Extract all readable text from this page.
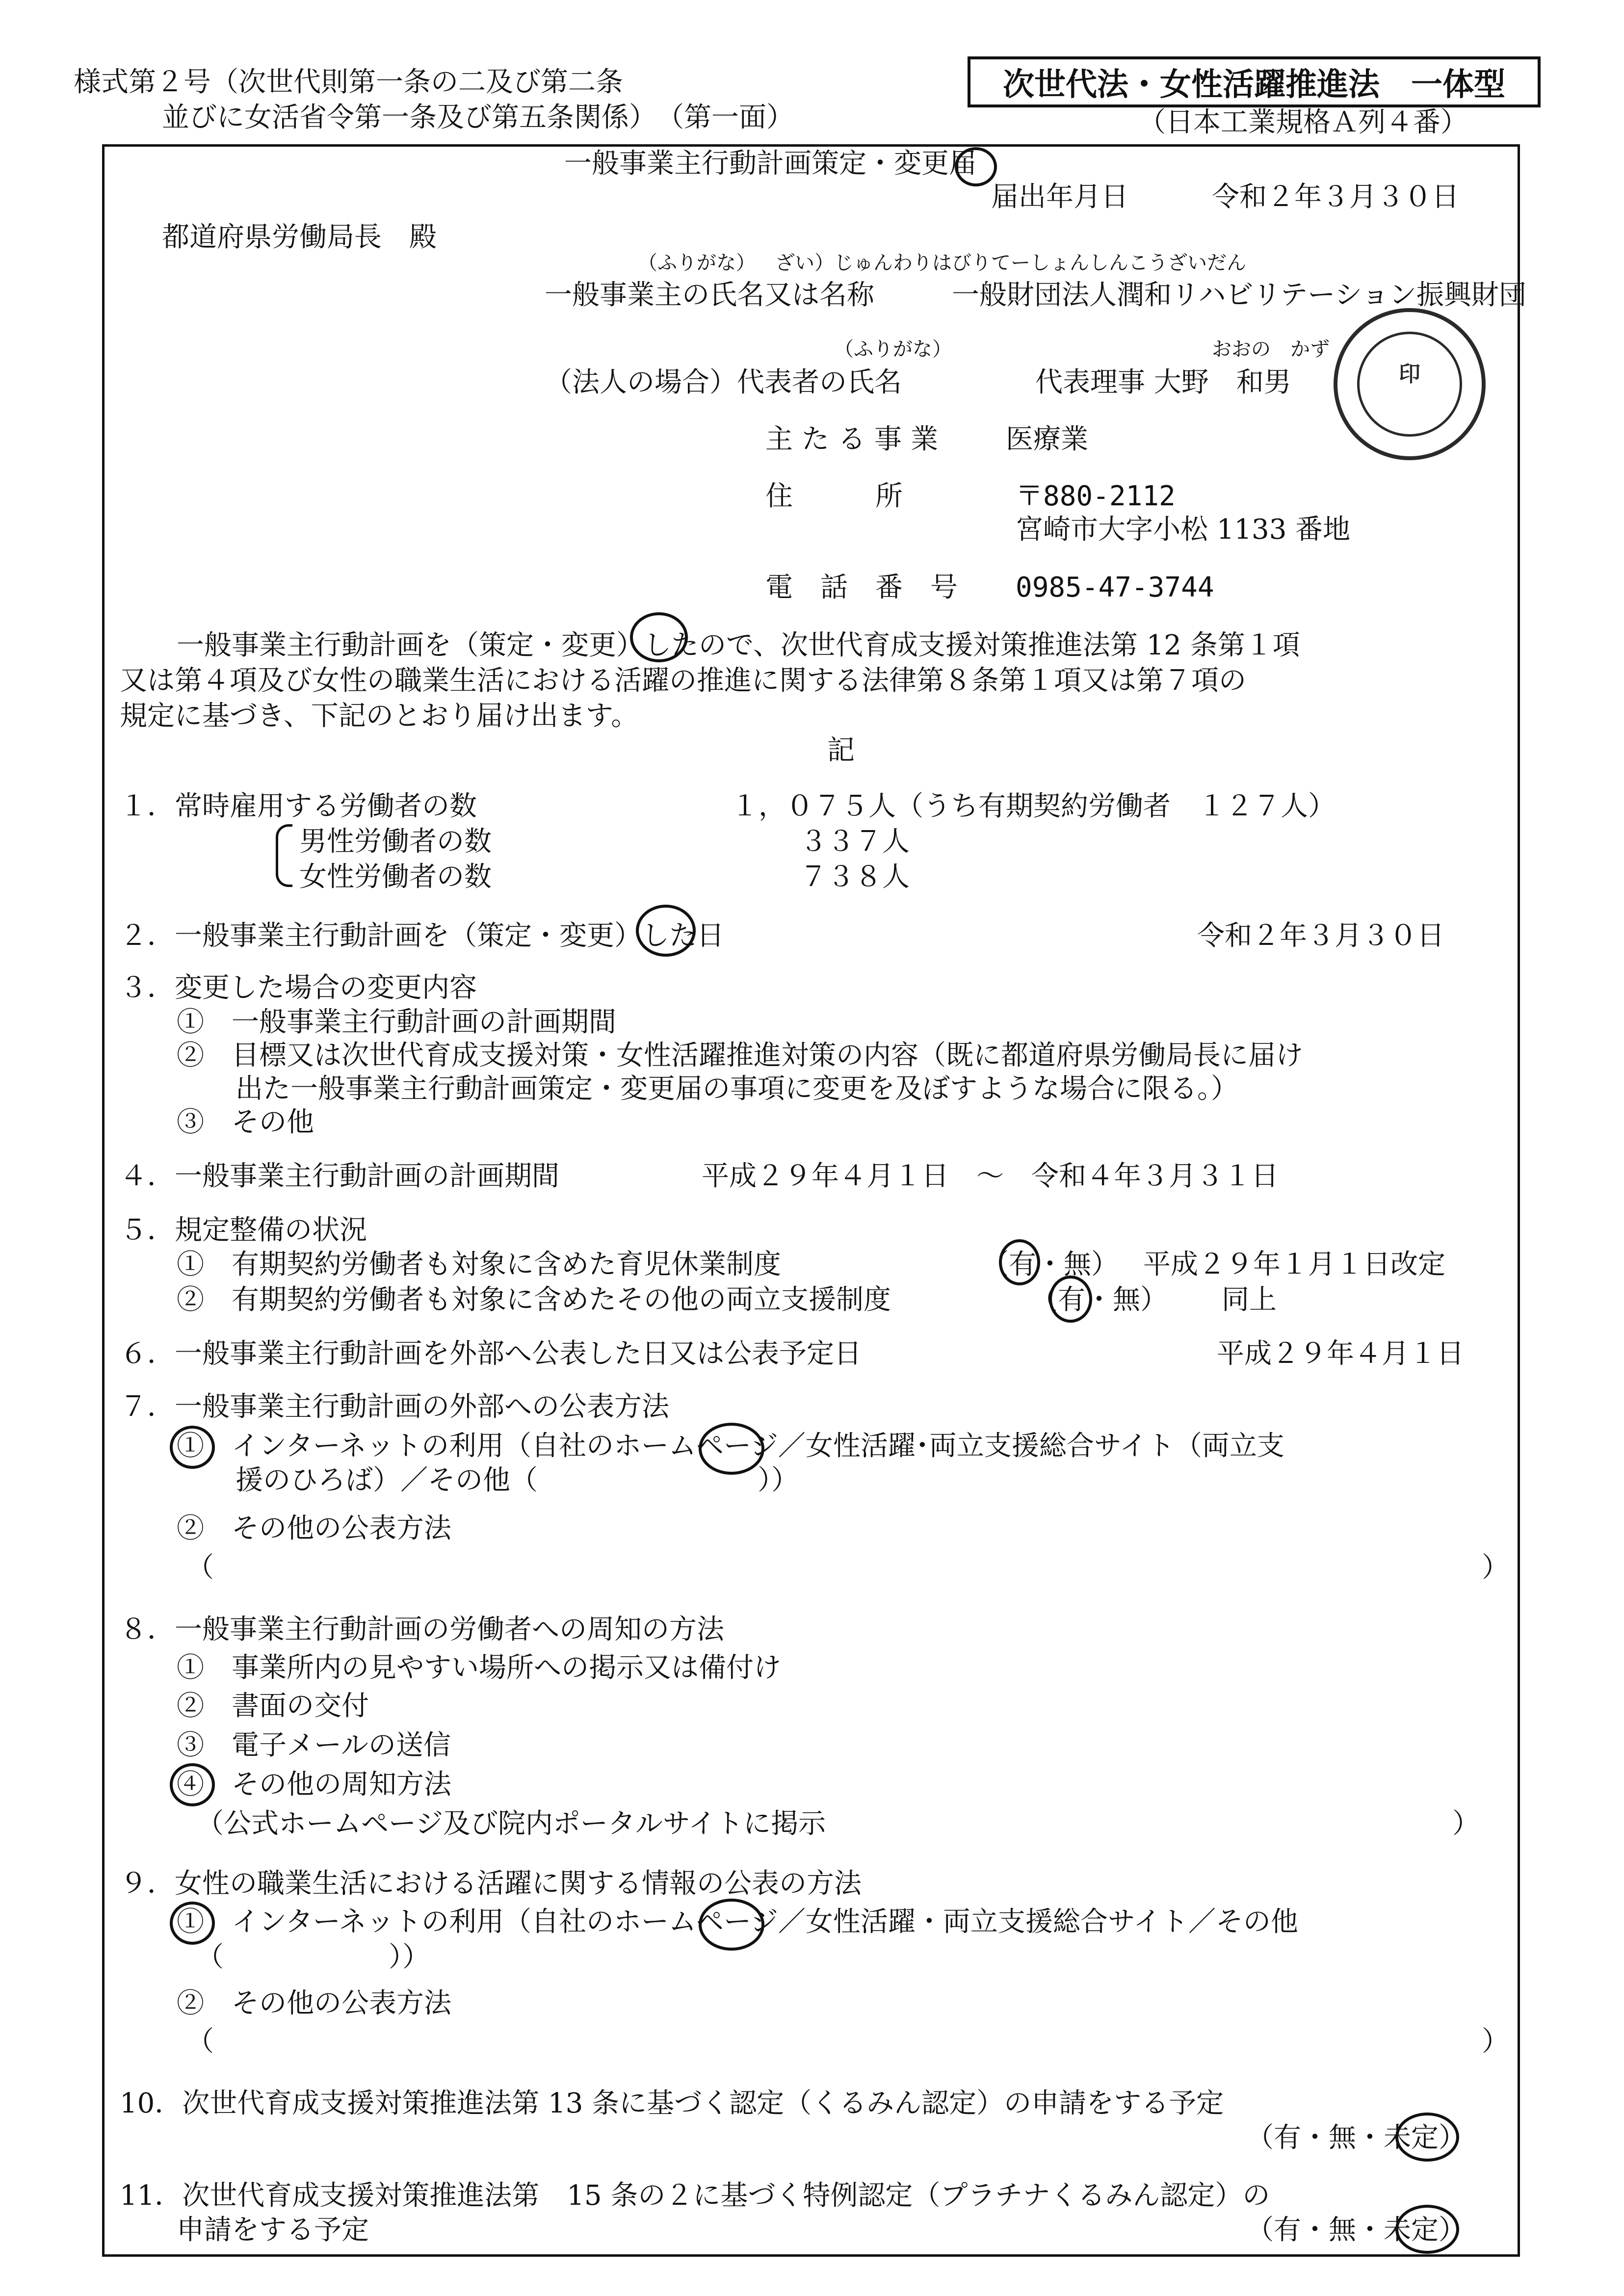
様式第２号（次世代則第一条の二及び第二条
並びに女活省令第一条及び第五条関係）　（第一面）
次世代法・女性活躍推進法　一体型
（日本工業規格Ａ列４番）
一般事業主行動計画策定・変更届
届出年月日	令和２年３月３０日
都道府県労働局長　殿
（ふりがな） ざい）じゅんわりはびりてーしょんしんこうざいだん
一般事業主の氏名又は名称	一般財団法人潤和リハビリテーション振興財団
（ふりがな）	おおの　かず
（法人の場合）代表者の氏名	代表理事 大野　和男	印
主たる事業 医療業
住　　　所	〒880-2112
宮崎市大字小松 1133 番地
電　話　番　号 0985-47-3744
一般事業主行動計画を（策定・変更）したので、次世代育成支援対策推進法第 12 条第１項
又は第４項及び女性の職業生活における活躍の推進に関する法律第８条第１項又は第７項の
規定に基づき、下記のとおり届け出ます。
記
１．常時雇用する労働者の数	１，０７５人（うち有期契約労働者　１２７人）
男性労働者の数	３３７人
女性労働者の数	７３８人
２．一般事業主行動計画を（策定・変更）した日	令和２年３月３０日
３．変更した場合の変更内容
①　一般事業主行動計画の計画期間
②　目標又は次世代育成支援対策・女性活躍推進対策の内容（既に都道府県労働局長に届け
出た一般事業主行動計画策定・変更届の事項に変更を及ぼすような場合に限る。）
③　その他
４．一般事業主行動計画の計画期間	平成２９年４月１日　～　令和４年３月３１日
５．規定整備の状況
①　有期契約労働者も対象に含めた育児休業制度	（有・無） 平成２９年１月１日改定
②　有期契約労働者も対象に含めたその他の両立支援制度	（有・無） 同上
６．一般事業主行動計画を外部へ公表した日又は公表予定日	平成２９年４月１日
７．一般事業主行動計画の外部への公表方法
①　インターネットの利用（自社のホームページ／女性活躍･両立支援総合サイト（両立支
援のひろば）／その他（　　　　　　　　））
②　その他の公表方法
（	）
８．一般事業主行動計画の労働者への周知の方法
①　事業所内の見やすい場所への掲示又は備付け
②　書面の交付
③　電子メールの送信
④　その他の周知方法
（公式ホームページ及び院内ポータルサイトに掲示	）
９．女性の職業生活における活躍に関する情報の公表の方法
①　インターネットの利用（自社のホームページ／女性活躍・両立支援総合サイト／その他
（　　　　　　））
②　その他の公表方法
（	）
10．次世代育成支援対策推進法第 13 条に基づく認定（くるみん認定）の申請をする予定
（有・無・未定）
11．次世代育成支援対策推進法第　15 条の２に基づく特例認定（プラチナくるみん認定）の
申請をする予定	（有・無・未定）
